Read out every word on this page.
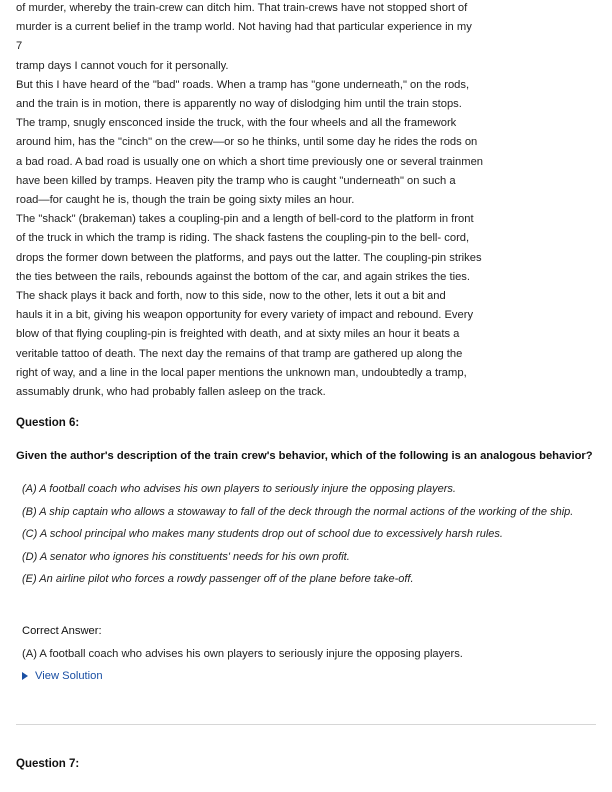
of murder, whereby the train-crew can ditch him. That train-crews have not stopped short of
murder is a current belief in the tramp world. Not having had that particular experience in my
7
tramp days I cannot vouch for it personally.
But this I have heard of the "bad" roads. When a tramp has "gone underneath," on the rods,
and the train is in motion, there is apparently no way of dislodging him until the train stops.
The tramp, snugly ensconced inside the truck, with the four wheels and all the framework
around him, has the "cinch" on the crew—or so he thinks, until some day he rides the rods on
a bad road. A bad road is usually one on which a short time previously one or several trainmen
have been killed by tramps. Heaven pity the tramp who is caught "underneath" on such a
road—for caught he is, though the train be going sixty miles an hour.
The "shack" (brakeman) takes a coupling-pin and a length of bell-cord to the platform in front
of the truck in which the tramp is riding. The shack fastens the coupling-pin to the bell- cord,
drops the former down between the platforms, and pays out the latter. The coupling-pin strikes
the ties between the rails, rebounds against the bottom of the car, and again strikes the ties.
The shack plays it back and forth, now to this side, now to the other, lets it out a bit and
hauls it in a bit, giving his weapon opportunity for every variety of impact and rebound. Every
blow of that flying coupling-pin is freighted with death, and at sixty miles an hour it beats a
veritable tattoo of death. The next day the remains of that tramp are gathered up along the
right of way, and a line in the local paper mentions the unknown man, undoubtedly a tramp,
assumably drunk, who had probably fallen asleep on the track.
Question 6:
Given the author's description of the train crew's behavior, which of the following is an analogous behavior?
(A) A football coach who advises his own players to seriously injure the opposing players.
(B) A ship captain who allows a stowaway to fall of the deck through the normal actions of the working of the ship.
(C) A school principal who makes many students drop out of school due to excessively harsh rules.
(D) A senator who ignores his constituents' needs for his own profit.
(E) An airline pilot who forces a rowdy passenger off of the plane before take-off.
Correct Answer:
(A) A football coach who advises his own players to seriously injure the opposing players.
View Solution
Question 7:
